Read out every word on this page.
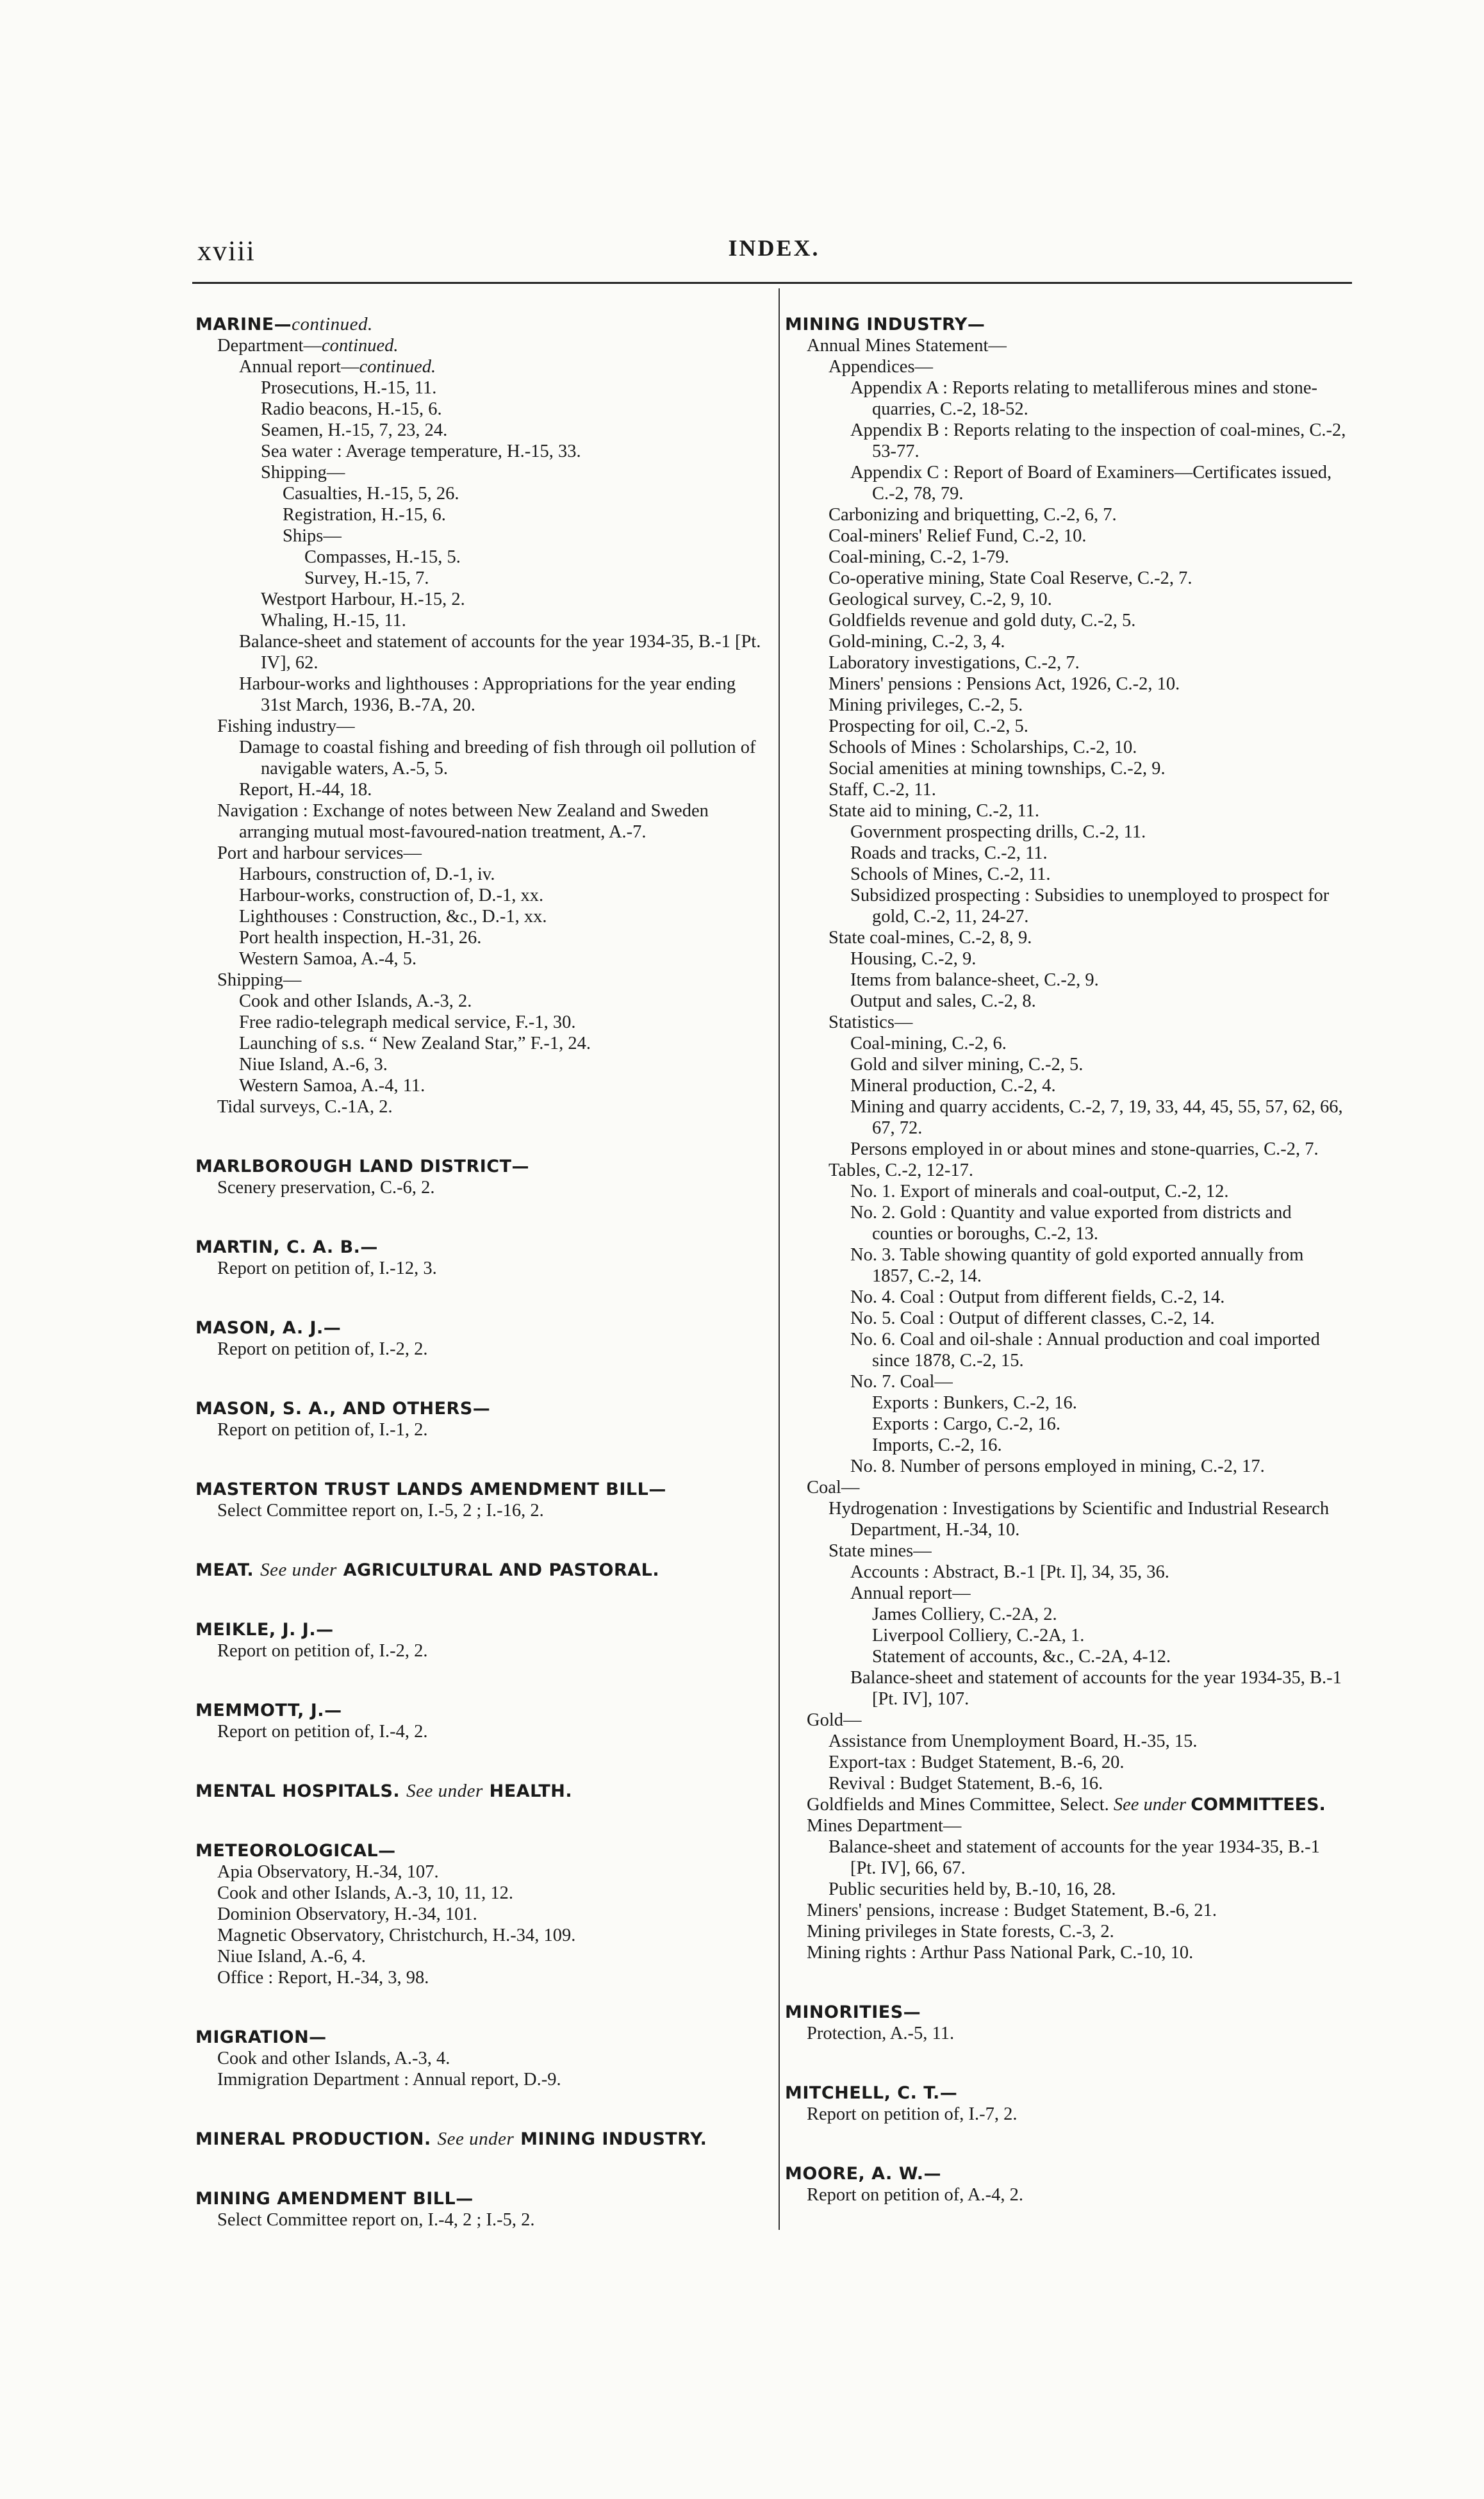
xviii	INDEX.
MARINE—continued.
Department—continued.
Annual report—continued.
Prosecutions, H.-15, 11.
Radio beacons, H.-15, 6.
Seamen, H.-15, 7, 23, 24.
Sea water : Average temperature, H.-15, 33.
Shipping—
Casualties, H.-15, 5, 26.
Registration, H.-15, 6.
Ships—
Compasses, H.-15, 5.
Survey, H.-15, 7.
Westport Harbour, H.-15, 2.
Whaling, H.-15, 11.
Balance-sheet and statement of accounts for the year 1934-35, B.-1 [Pt. IV], 62.
Harbour-works and lighthouses : Appropriations for the year ending 31st March, 1936, B.-7A, 20.
Fishing industry—
Damage to coastal fishing and breeding of fish through oil pollution of navigable waters, A.-5, 5.
Report, H.-44, 18.
Navigation : Exchange of notes between New Zealand and Sweden arranging mutual most-favoured-nation treatment, A.-7.
Port and harbour services—
Harbours, construction of, D.-1, iv.
Harbour-works, construction of, D.-1, xx.
Lighthouses : Construction, &c., D.-1, xx.
Port health inspection, H.-31, 26.
Western Samoa, A.-4, 5.
Shipping—
Cook and other Islands, A.-3, 2.
Free radio-telegraph medical service, F.-1, 30.
Launching of s.s. “ New Zealand Star,” F.-1, 24.
Niue Island, A.-6, 3.
Western Samoa, A.-4, 11.
Tidal surveys, C.-1A, 2.
MARLBOROUGH LAND DISTRICT—
Scenery preservation, C.-6, 2.
MARTIN, C. A. B.—
Report on petition of, I.-12, 3.
MASON, A. J.—
Report on petition of, I.-2, 2.
MASON, S. A., AND OTHERS—
Report on petition of, I.-1, 2.
MASTERTON TRUST LANDS AMENDMENT BILL—
Select Committee report on, I.-5, 2 ; I.-16, 2.
MEAT. See under AGRICULTURAL AND PASTORAL.
MEIKLE, J. J.—
Report on petition of, I.-2, 2.
MEMMOTT, J.—
Report on petition of, I.-4, 2.
MENTAL HOSPITALS. See under HEALTH.
METEOROLOGICAL—
Apia Observatory, H.-34, 107.
Cook and other Islands, A.-3, 10, 11, 12.
Dominion Observatory, H.-34, 101.
Magnetic Observatory, Christchurch, H.-34, 109.
Niue Island, A.-6, 4.
Office : Report, H.-34, 3, 98.
MIGRATION—
Cook and other Islands, A.-3, 4.
Immigration Department : Annual report, D.-9.
MINERAL PRODUCTION. See under MINING INDUSTRY.
MINING AMENDMENT BILL—
Select Committee report on, I.-4, 2 ; I.-5, 2.
MINING INDUSTRY—
Annual Mines Statement—
Appendices—
Appendix A : Reports relating to metalliferous mines and stone-quarries, C.-2, 18-52.
Appendix B : Reports relating to the inspection of coal-mines, C.-2, 53-77.
Appendix C : Report of Board of Examiners—Certificates issued, C.-2, 78, 79.
Carbonizing and briquetting, C.-2, 6, 7.
Coal-miners' Relief Fund, C.-2, 10.
Coal-mining, C.-2, 1-79.
Co-operative mining, State Coal Reserve, C.-2, 7.
Geological survey, C.-2, 9, 10.
Goldfields revenue and gold duty, C.-2, 5.
Gold-mining, C.-2, 3, 4.
Laboratory investigations, C.-2, 7.
Miners' pensions : Pensions Act, 1926, C.-2, 10.
Mining privileges, C.-2, 5.
Prospecting for oil, C.-2, 5.
Schools of Mines : Scholarships, C.-2, 10.
Social amenities at mining townships, C.-2, 9.
Staff, C.-2, 11.
State aid to mining, C.-2, 11.
Government prospecting drills, C.-2, 11.
Roads and tracks, C.-2, 11.
Schools of Mines, C.-2, 11.
Subsidized prospecting : Subsidies to unemployed to prospect for gold, C.-2, 11, 24-27.
State coal-mines, C.-2, 8, 9.
Housing, C.-2, 9.
Items from balance-sheet, C.-2, 9.
Output and sales, C.-2, 8.
Statistics—
Coal-mining, C.-2, 6.
Gold and silver mining, C.-2, 5.
Mineral production, C.-2, 4.
Mining and quarry accidents, C.-2, 7, 19, 33, 44, 45, 55, 57, 62, 66, 67, 72.
Persons employed in or about mines and stone-quarries, C.-2, 7.
Tables, C.-2, 12-17.
No. 1. Export of minerals and coal-output, C.-2, 12.
No. 2. Gold : Quantity and value exported from districts and counties or boroughs, C.-2, 13.
No. 3. Table showing quantity of gold exported annually from 1857, C.-2, 14.
No. 4. Coal : Output from different fields, C.-2, 14.
No. 5. Coal : Output of different classes, C.-2, 14.
No. 6. Coal and oil-shale : Annual production and coal imported since 1878, C.-2, 15.
No. 7. Coal—
Exports : Bunkers, C.-2, 16.
Exports : Cargo, C.-2, 16.
Imports, C.-2, 16.
No. 8. Number of persons employed in mining, C.-2, 17.
Coal—
Hydrogenation : Investigations by Scientific and Industrial Research Department, H.-34, 10.
State mines—
Accounts : Abstract, B.-1 [Pt. I], 34, 35, 36.
Annual report—
James Colliery, C.-2A, 2.
Liverpool Colliery, C.-2A, 1.
Statement of accounts, &c., C.-2A, 4-12.
Balance-sheet and statement of accounts for the year 1934-35, B.-1 [Pt. IV], 107.
Gold—
Assistance from Unemployment Board, H.-35, 15.
Export-tax : Budget Statement, B.-6, 20.
Revival : Budget Statement, B.-6, 16.
Goldfields and Mines Committee, Select. See under COMMITTEES.
Mines Department—
Balance-sheet and statement of accounts for the year 1934-35, B.-1 [Pt. IV], 66, 67.
Public securities held by, B.-10, 16, 28.
Miners' pensions, increase : Budget Statement, B.-6, 21.
Mining privileges in State forests, C.-3, 2.
Mining rights : Arthur Pass National Park, C.-10, 10.
MINORITIES—
Protection, A.-5, 11.
MITCHELL, C. T.—
Report on petition of, I.-7, 2.
MOORE, A. W.—
Report on petition of, A.-4, 2.
